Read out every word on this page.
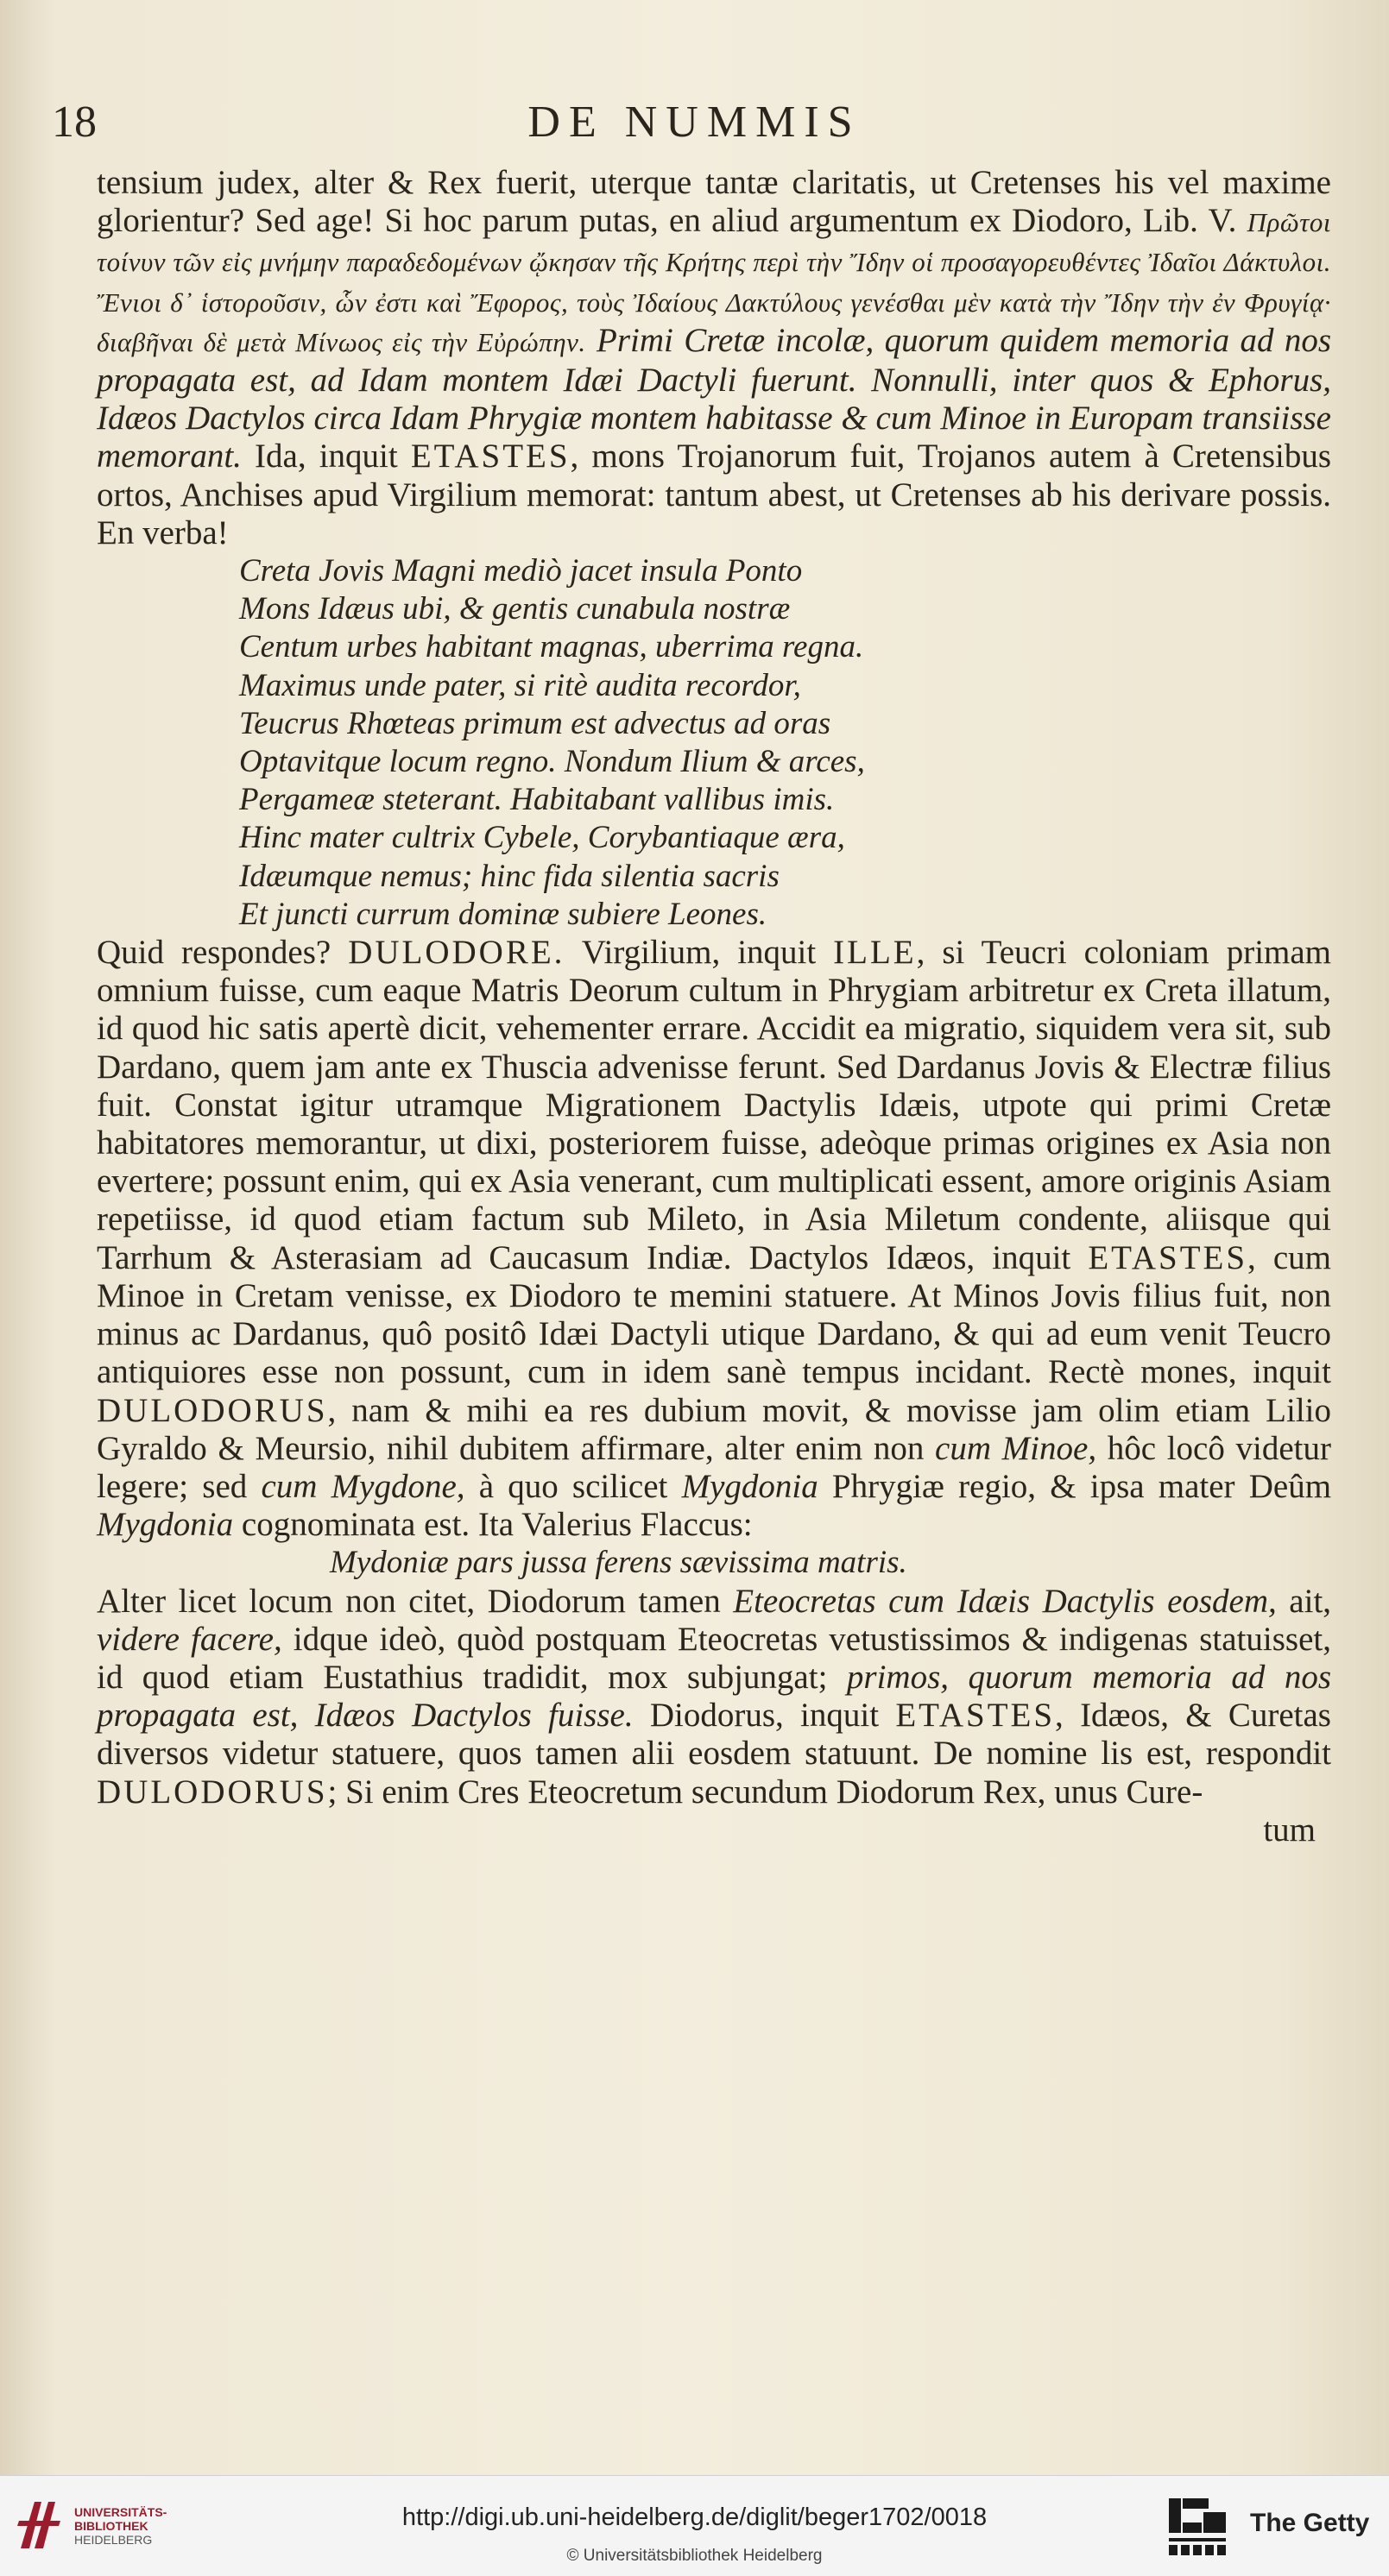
18	DE NUMMIS

tensium judex, alter & Rex fuerit, uterque tantæ claritatis, ut Cretenses his vel maxime glorientur? Sed age! Si hoc parum putas, en aliud argumentum ex Diodoro, Lib. V. Πρῶτοι τοίνυν τῶν εἰς μνήμην παραδεδομένων ᾤκησαν τῆς Κρήτης περὶ τὴν Ἴδην οἱ προσαγορευθέντες Ἰδαῖοι Δάκτυλοι. Ἔνιοι δ᾽ ἱστοροῦσιν, ὧν ἐστι καὶ Ἔφορος, τοὺς Ἰδαίους Δακτύλους γενέσθαι μὲν κατὰ τὴν Ἴδην τὴν ἐν Φρυγίᾳ· διαβῆναι δὲ μετὰ Μίνωος εἰς τὴν Εὐρώπην. Primi Cretæ incolæ, quorum quidem memoria ad nos propagata est, ad Idam montem Idæi Dactyli fuerunt. Nonnulli, inter quos & Ephorus, Idæos Dactylos circa Idam Phrygiæ montem habitasse & cum Minoe in Europam transiisse memorant. Ida, inquit ETASTES, mons Trojanorum fuit, Trojanos autem à Cretensibus ortos, Anchises apud Virgilium memorat: tantum abest, ut Cretenses ab his derivare possis. En verba!

Creta Jovis Magni mediò jacet insula Ponto
Mons Idæus ubi, & gentis cunabula nostræ
Centum urbes habitant magnas, uberrima regna.
Maximus unde pater, si ritè audita recordor,
Teucrus Rhœteas primum est advectus ad oras
Optavitque locum regno. Nondum Ilium & arces,
Pergameæ steterant. Habitabant vallibus imis.
Hinc mater cultrix Cybele, Corybantiaque æra,
Idæumque nemus; hinc fida silentia sacris
Et juncti currum dominæ subiere Leones.

Quid respondes? DULODORE. Virgilium, inquit ILLE, si Teucri coloniam primam omnium fuisse, cum eaque Matris Deorum cultum in Phrygiam arbitretur ex Creta illatum, id quod hic satis apertè dicit, vehementer errare. Accidit ea migratio, siquidem vera sit, sub Dardano, quem jam ante ex Thuscia advenisse ferunt. Sed Dardanus Jovis & Electræ filius fuit. Constat igitur utramque Migrationem Dactylis Idæis, utpote qui primi Cretæ habitatores memorantur, ut dixi, posteriorem fuisse, adeòque primas origines ex Asia non evertere; possunt enim, qui ex Asia venerant, cum multiplicati essent, amore originis Asiam repetiisse, id quod etiam factum sub Mileto, in Asia Miletum condente, aliisque qui Tarrhum & Asterasiam ad Caucasum Indiæ. Dactylos Idæos, inquit ETASTES, cum Minoe in Cretam venisse, ex Diodoro te memini statuere. At Minos Jovis filius fuit, non minus ac Dardanus, quô positô Idæi Dactyli utique Dardano, & qui ad eum venit Teucro antiquiores esse non possunt, cum in idem sanè tempus incidant. Rectè mones, inquit DULODORUS, nam & mihi ea res dubium movit, & movisse jam olim etiam Lilio Gyraldo & Meursio, nihil dubitem affirmare, alter enim non cum Minoe, hôc locô videtur legere; sed cum Mygdone, à quo scilicet Mygdonia Phrygiæ regio, & ipsa mater Deûm Mygdonia cognominata est. Ita Valerius Flaccus:

Mydoniæ pars jussa ferens sævissima matris.

Alter licet locum non citet, Diodorum tamen Eteocretas cum Idæis Dactylis eosdem, ait, videre facere, idque ideò, quòd postquam Eteocretas vetustissimos & indigenas statuisset, id quod etiam Eustathius tradidit, mox subjungat; primos, quorum memoria ad nos propagata est, Idæos Dactylos fuisse. Diodorus, inquit ETASTES, Idæos, & Curetas diversos videtur statuere, quos tamen alii eosdem statuunt. De nomine lis est, respondit DULODORUS; Si enim Cres Eteocretum secundum Diodorum Rex, unus Cure-

tum
UNIVERSITÄTS-
BIBLIOTHEK
HEIDELBERG
http://digi.ub.uni-heidelberg.de/diglit/beger1702/0018
© Universitätsbibliothek Heidelberg
The Getty
